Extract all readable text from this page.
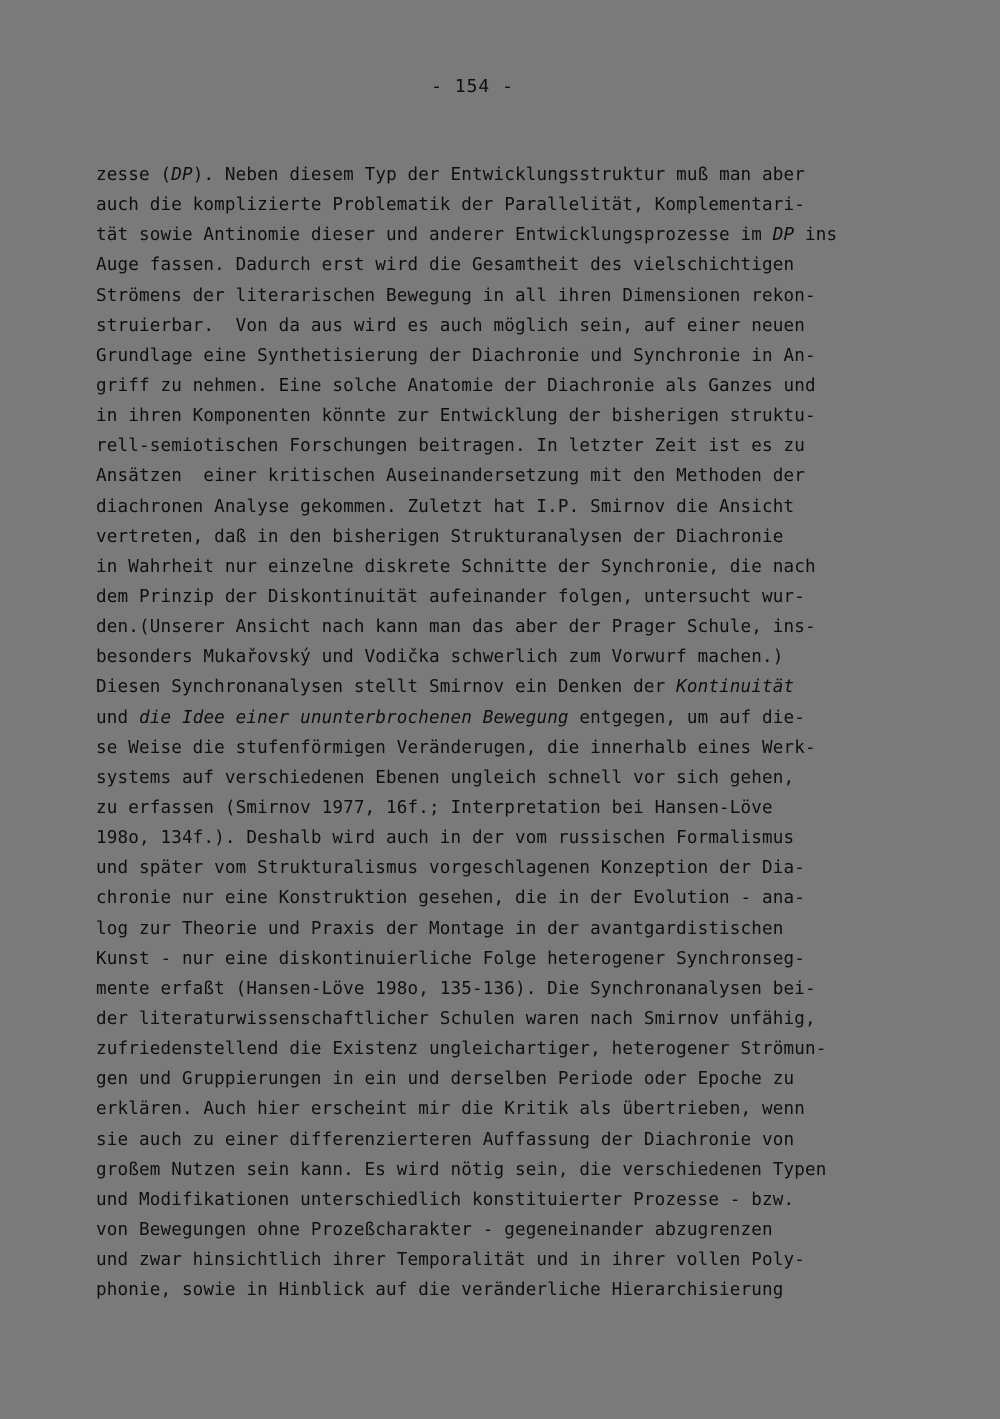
- 154 -
zesse (DP). Neben diesem Typ der Entwicklungsstruktur muß man aber
auch die komplizierte Problematik der Parallelität, Komplementari-
tät sowie Antinomie dieser und anderer Entwicklungsprozesse im DP ins
Auge fassen. Dadurch erst wird die Gesamtheit des vielschichtigen
Strömens der literarischen Bewegung in all ihren Dimensionen rekon-
struierbar.  Von da aus wird es auch möglich sein, auf einer neuen
Grundlage eine Synthetisierung der Diachronie und Synchronie in An-
griff zu nehmen. Eine solche Anatomie der Diachronie als Ganzes und
in ihren Komponenten könnte zur Entwicklung der bisherigen struktu-
rell-semiotischen Forschungen beitragen. In letzter Zeit ist es zu
Ansätzen  einer kritischen Auseinandersetzung mit den Methoden der
diachronen Analyse gekommen. Zuletzt hat I.P. Smirnov die Ansicht
vertreten, daß in den bisherigen Strukturanalysen der Diachronie
in Wahrheit nur einzelne diskrete Schnitte der Synchronie, die nach
dem Prinzip der Diskontinuität aufeinander folgen, untersucht wur-
den.(Unserer Ansicht nach kann man das aber der Prager Schule, ins-
besonders Mukařovský und Vodička schwerlich zum Vorwurf machen.)
Diesen Synchronanalysen stellt Smirnov ein Denken der Kontinuität
und die Idee einer ununterbrochenen Bewegung entgegen, um auf die-
se Weise die stufenförmigen Veränderugen, die innerhalb eines Werk-
systems auf verschiedenen Ebenen ungleich schnell vor sich gehen,
zu erfassen (Smirnov 1977, 16f.; Interpretation bei Hansen-Löve
198o, 134f.). Deshalb wird auch in der vom russischen Formalismus
und später vom Strukturalismus vorgeschlagenen Konzeption der Dia-
chronie nur eine Konstruktion gesehen, die in der Evolution - ana-
log zur Theorie und Praxis der Montage in der avantgardistischen
Kunst - nur eine diskontinuierliche Folge heterogener Synchronseg-
mente erfaßt (Hansen-Löve 198o, 135-136). Die Synchronanalysen bei-
der literaturwissenschaftlicher Schulen waren nach Smirnov unfähig,
zufriedenstellend die Existenz ungleichartiger, heterogener Strömun-
gen und Gruppierungen in ein und derselben Periode oder Epoche zu
erklären. Auch hier erscheint mir die Kritik als übertrieben, wenn
sie auch zu einer differenzierteren Auffassung der Diachronie von
großem Nutzen sein kann. Es wird nötig sein, die verschiedenen Typen
und Modifikationen unterschiedlich konstituierter Prozesse - bzw.
von Bewegungen ohne Prozeßcharakter - gegeneinander abzugrenzen
und zwar hinsichtlich ihrer Temporalität und in ihrer vollen Poly-
phonie, sowie in Hinblick auf die veränderliche Hierarchisierung
